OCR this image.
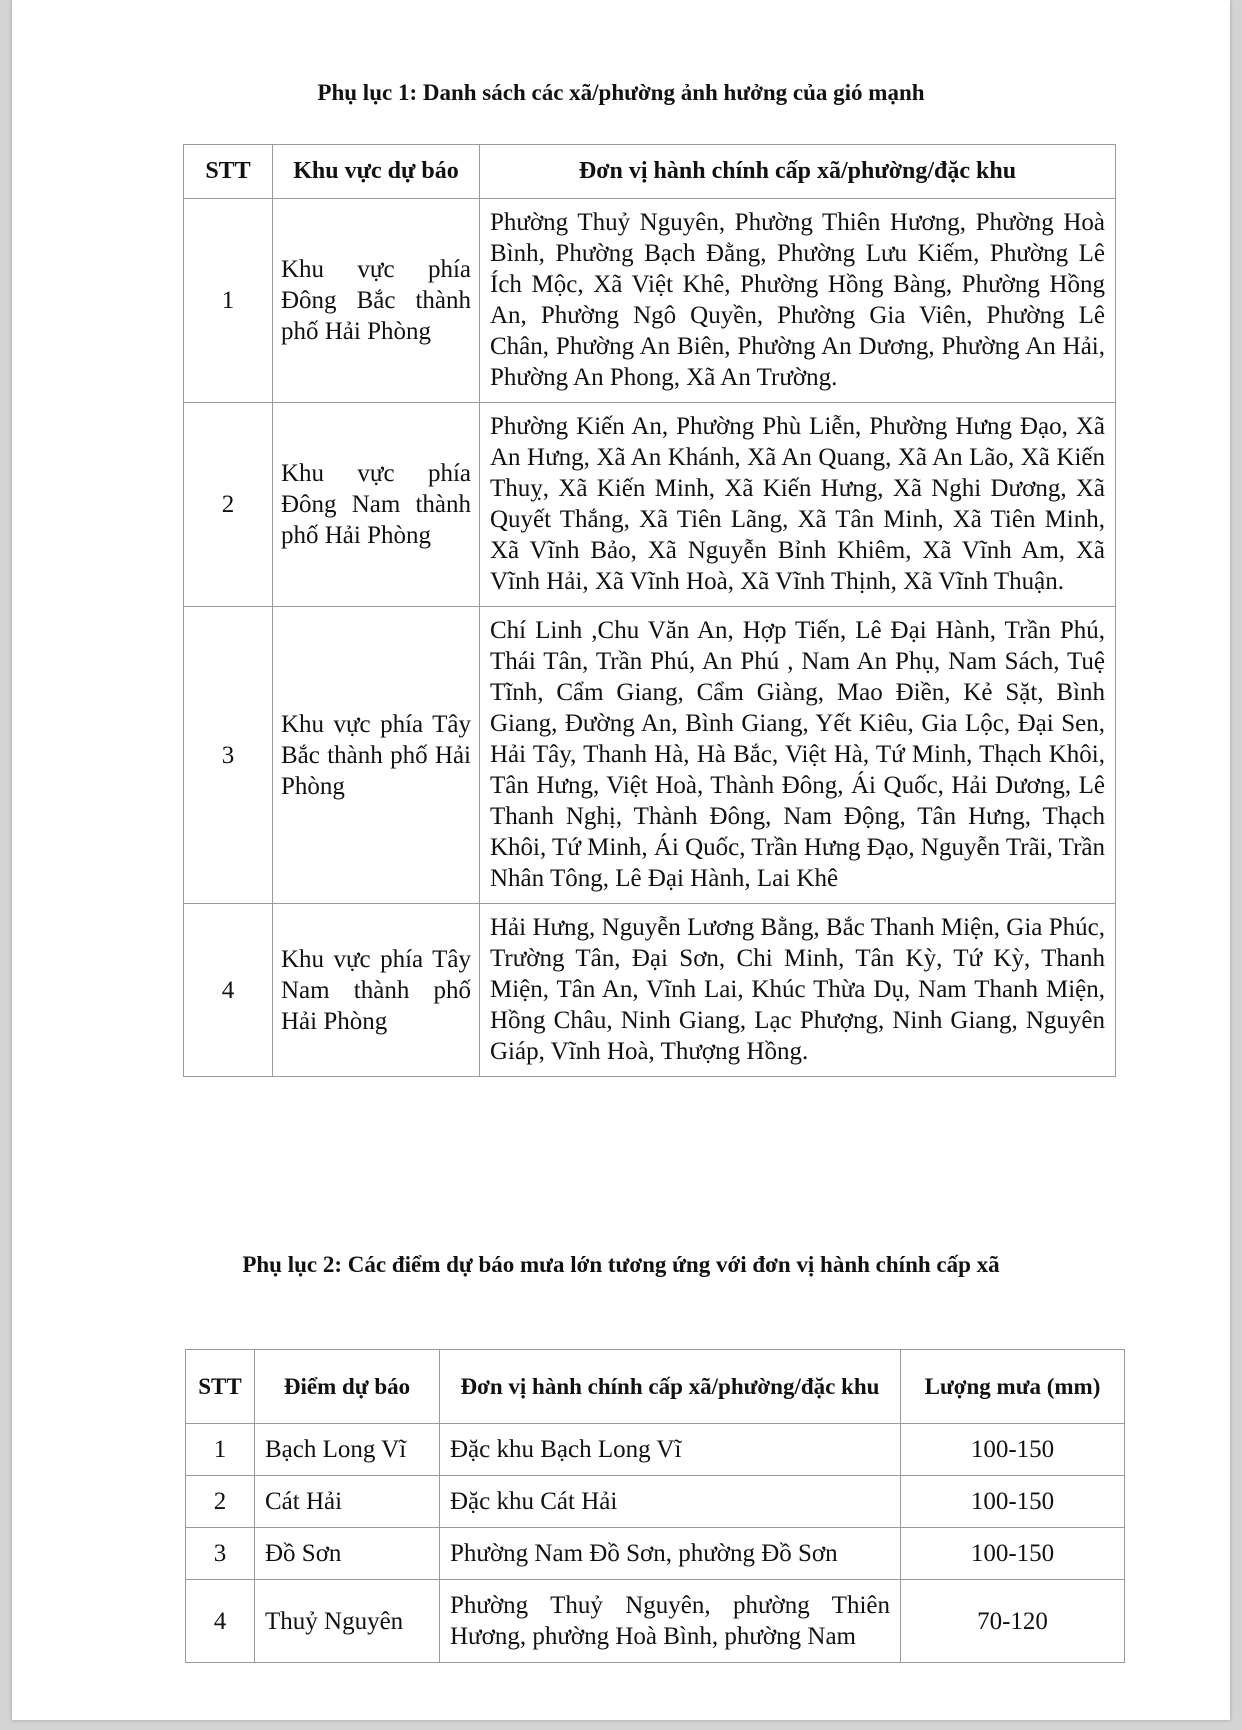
Phụ lục 1: Danh sách các xã/phường ảnh hưởng của gió mạnh
STT	Khu vực dự báo	Đơn vị hành chính cấp xã/phường/đặc khu
1	Khu vực phía Đông Bắc thành phố Hải Phòng	Phường Thuỷ Nguyên, Phường Thiên Hương, Phường Hoà Bình, Phường Bạch Đằng, Phường Lưu Kiếm, Phường Lê Ích Mộc, Xã Việt Khê, Phường Hồng Bàng, Phường Hồng An, Phường Ngô Quyền, Phường Gia Viên, Phường Lê Chân, Phường An Biên, Phường An Dương, Phường An Hải, Phường An Phong, Xã An Trường.
2	Khu vực phía Đông Nam thành phố Hải Phòng	Phường Kiến An, Phường Phù Liễn, Phường Hưng Đạo, Xã An Hưng, Xã An Khánh, Xã An Quang, Xã An Lão, Xã Kiến Thuỵ, Xã Kiến Minh, Xã Kiến Hưng, Xã Nghi Dương, Xã Quyết Thắng, Xã Tiên Lãng, Xã Tân Minh, Xã Tiên Minh, Xã Vĩnh Bảo, Xã Nguyễn Bỉnh Khiêm, Xã Vĩnh Am, Xã Vĩnh Hải, Xã Vĩnh Hoà, Xã Vĩnh Thịnh, Xã Vĩnh Thuận.
3	Khu vực phía Tây Bắc thành phố Hải Phòng	Chí Linh ,Chu Văn An, Hợp Tiến, Lê Đại Hành, Trần Phú, Thái Tân, Trần Phú, An Phú , Nam An Phụ, Nam Sách, Tuệ Tĩnh, Cẩm Giang, Cẩm Giàng, Mao Điền, Kẻ Sặt, Bình Giang, Đường An, Bình Giang, Yết Kiêu, Gia Lộc, Đại Sen, Hải Tây, Thanh Hà, Hà Bắc, Việt Hà, Tứ Minh, Thạch Khôi, Tân Hưng, Việt Hoà, Thành Đông, Ái Quốc, Hải Dương, Lê Thanh Nghị, Thành Đông, Nam Động, Tân Hưng, Thạch Khôi, Tứ Minh, Ái Quốc, Trần Hưng Đạo, Nguyễn Trãi, Trần Nhân Tông, Lê Đại Hành, Lai Khê
4	Khu vực phía Tây Nam thành phố Hải Phòng	Hải Hưng, Nguyễn Lương Bằng, Bắc Thanh Miện, Gia Phúc, Trường Tân, Đại Sơn, Chi Minh, Tân Kỳ, Tứ Kỳ, Thanh Miện, Tân An, Vĩnh Lai, Khúc Thừa Dụ, Nam Thanh Miện, Hồng Châu, Ninh Giang, Lạc Phượng, Ninh Giang, Nguyên Giáp, Vĩnh Hoà, Thượng Hồng.
Phụ lục 2: Các điểm dự báo mưa lớn tương ứng với đơn vị hành chính cấp xã
STT	Điểm dự báo	Đơn vị hành chính cấp xã/phường/đặc khu	Lượng mưa (mm)
1	Bạch Long Vĩ	Đặc khu Bạch Long Vĩ	100-150
2	Cát Hải	Đặc khu Cát Hải	100-150
3	Đồ Sơn	Phường Nam Đồ Sơn, phường Đồ Sơn	100-150
4	Thuỷ Nguyên	Phường Thuỷ Nguyên, phường Thiên Hương, phường Hoà Bình, phường Nam	70-120
